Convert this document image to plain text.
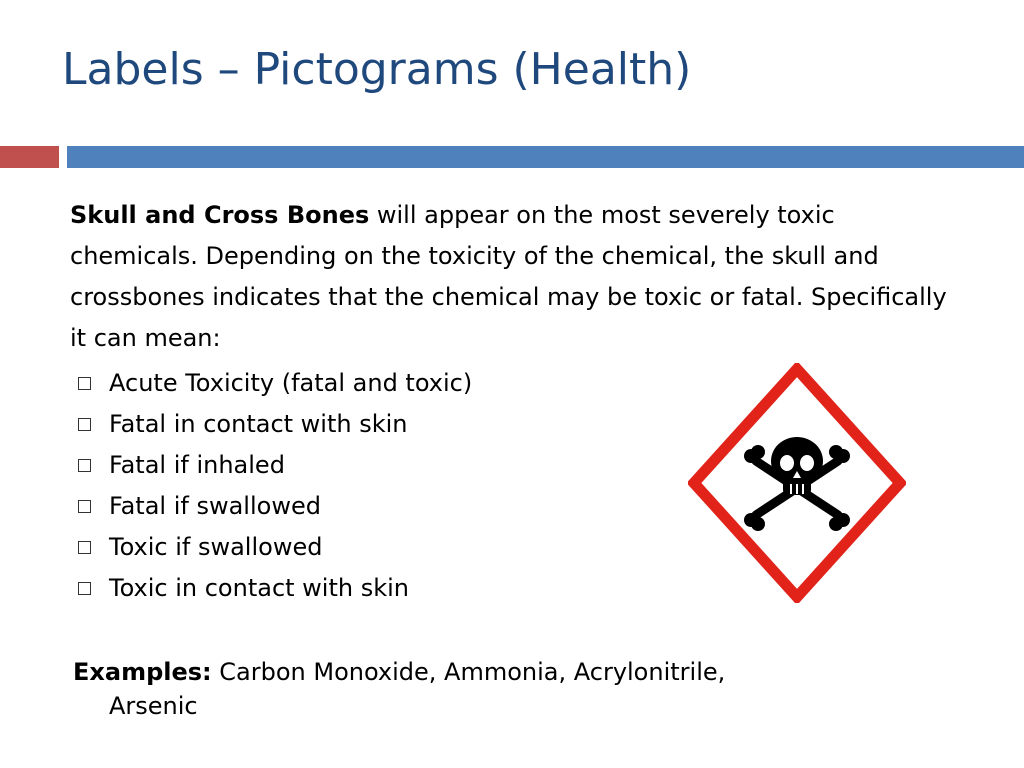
Labels – Pictograms (Health)

Skull and Cross Bones will appear on the most severely toxic chemicals. Depending on the toxicity of the chemical, the skull and crossbones indicates that the chemical may be toxic or fatal. Specifically it can mean:

Acute Toxicity (fatal and toxic)
Fatal in contact with skin
Fatal if inhaled
Fatal if swallowed
Toxic if swallowed
Toxic in contact with skin

Examples: Carbon Monoxide, Ammonia, Acrylonitrile, Arsenic
